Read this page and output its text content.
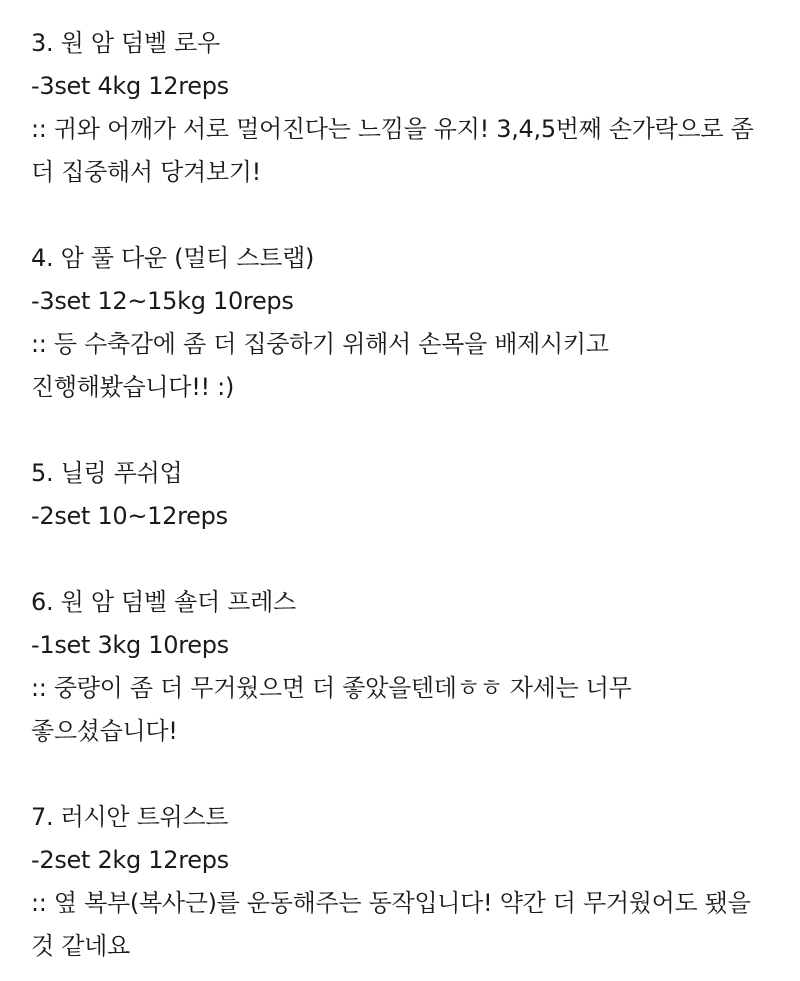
3. 원 암 덤벨 로우
-3set 4kg 12reps
:: 귀와 어깨가 서로 멀어진다는 느낌을 유지! 3,4,5번째 손가락으로 좀
더 집중해서 당겨보기!
4. 암 풀 다운 (멀티 스트랩)
-3set 12~15kg 10reps
:: 등 수축감에 좀 더 집중하기 위해서 손목을 배제시키고
진행해봤습니다!! :)
5. 닐링 푸쉬업
-2set 10~12reps
6. 원 암 덤벨 숄더 프레스
-1set 3kg 10reps
:: 중량이 좀 더 무거웠으면 더 좋았을텐데ㅎㅎ 자세는 너무
좋으셨습니다!
7. 러시안 트위스트
-2set 2kg 12reps
:: 옆 복부(복사근)를 운동해주는 동작입니다! 약간 더 무거웠어도 됐을
것 같네요
